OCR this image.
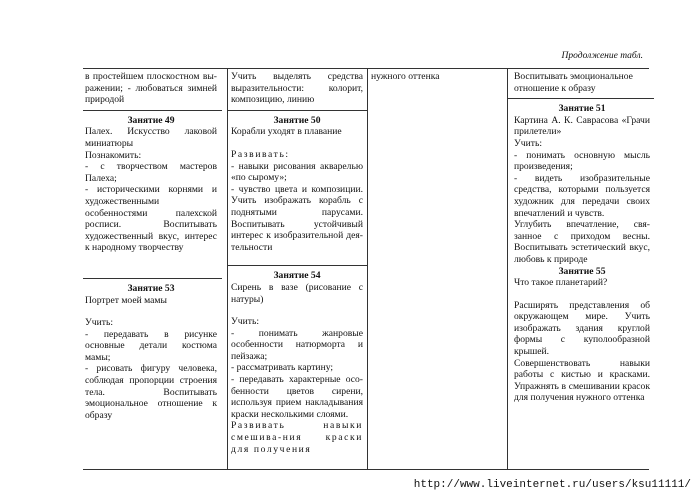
Продолжение табл.

в простейшем плоскостном вы-ражении; - любоваться зимней природой

Занятие 49

Палех. Искусство лаковой миниатюры

Познакомить:

- с творчеством мастеров Палеха;

- историческими корнями и художественными особенностями палехской росписи. Воспитывать художественный вкус, интерес к народному творчеству

Занятие 53

Портрет моей мамы

Учить:

- передавать в рисунке основные детали костюма мамы;

- рисовать фигуру человека, соблюдая пропорции строения тела. Воспитывать эмоциональное отношение к образу

Учить выделять средства выразительности: колорит, композицию, линию

Занятие 50

Корабли уходят в плавание

Развивать:

- навыки рисования акварелью «по сырому»;

- чувство цвета и композиции. Учить изображать корабль с поднятыми парусами. Воспитывать устойчивый интерес к изобразительной дея-тельности

Занятие 54

Сирень в вазе (рисование с натуры)

Учить:

- понимать жанровые особенности натюрморта и пейзажа;

- рассматривать картину;

- передавать характерные осо-бенности цветов сирени, используя прием накладывания краски несколькими слоями.

Развивать навыки смешива-ния краски для получения

нужного оттенка	Воспитывать эмоциональное отношение к образу

Занятие 51

Картина А. К. Саврасова «Грачи прилетели»

Учить:

- понимать основную мысль произведения;

- видеть изобразительные средства, которыми пользуется художник для передачи своих впечатлений и чувств.

Углубить впечатление, свя-занное с приходом весны. Воспитывать эстетический вкус, любовь к природе

Занятие 55

Что такое планетарий?

Расширять представления об окружающем мире. Учить изображать здания круглой формы с куполообразной крышей.

Совершенствовать навыки работы с кистью и красками. Упражнять в смешивании красок для получения нужного оттенка

http://www.liveinternet.ru/users/ksu11111/
